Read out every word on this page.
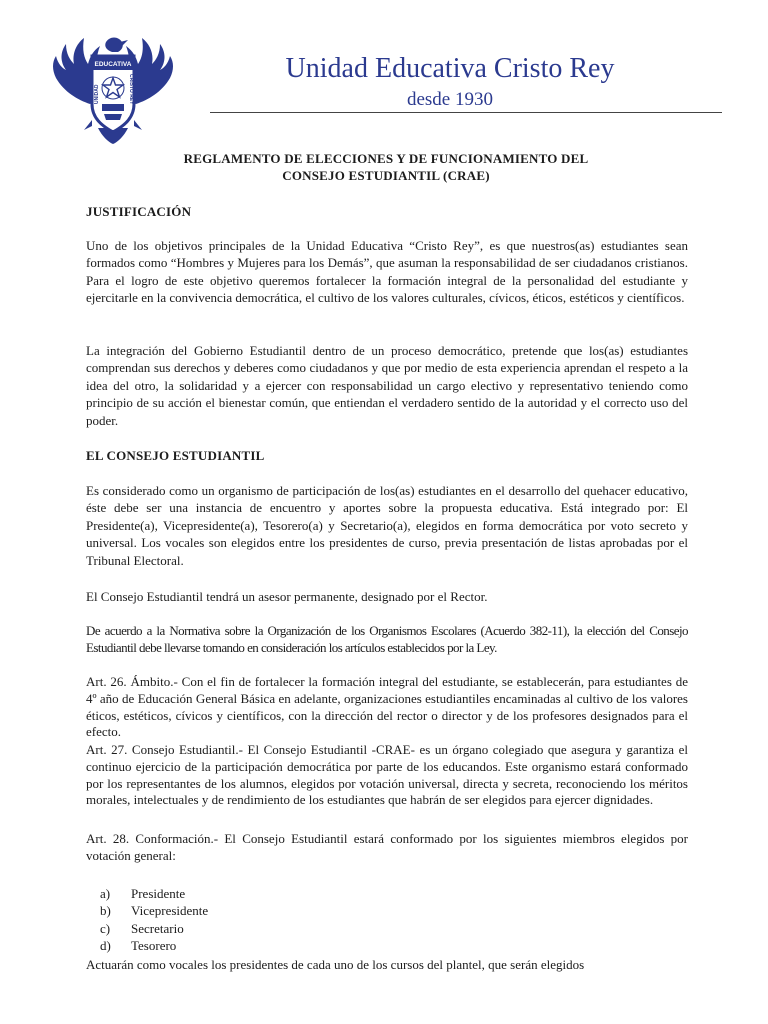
EDUCATIVA
UNIDAD	CRISTO REY
Unidad Educativa Cristo Rey
desde 1930
REGLAMENTO DE ELECCIONES Y DE FUNCIONAMIENTO DEL
CONSEJO ESTUDIANTIL (CRAE)
JUSTIFICACIÓN

Uno de los objetivos principales de la Unidad Educativa “Cristo Rey”, es que nuestros(as) estudiantes sean formados como “Hombres y Mujeres para los Demás”, que asuman la responsabilidad de ser ciudadanos cristianos. Para el logro de este objetivo queremos fortalecer la formación integral de la personalidad del estudiante y ejercitarle en la convivencia democrática, el cultivo de los valores culturales, cívicos, éticos, estéticos y científicos.

La integración del Gobierno Estudiantil dentro de un proceso democrático, pretende que los(as) estudiantes comprendan sus derechos y deberes como ciudadanos y que por medio de esta experiencia aprendan el respeto a la idea del otro, la solidaridad y a ejercer con responsabilidad un cargo electivo y representativo teniendo como principio de su acción el bienestar común, que entiendan el verdadero sentido de la autoridad y el correcto uso del poder.

EL CONSEJO ESTUDIANTIL

Es considerado como un organismo de participación de los(as) estudiantes en el desarrollo del quehacer educativo, éste debe ser una instancia de encuentro y aportes sobre la propuesta educativa. Está integrado por: El Presidente(a), Vicepresidente(a), Tesorero(a) y Secretario(a), elegidos en forma democrática por voto secreto y universal. Los vocales son elegidos entre los presidentes de curso, previa presentación de listas aprobadas por el Tribunal Electoral.

El Consejo Estudiantil tendrá un asesor permanente, designado por el Rector.

De acuerdo a la Normativa sobre la Organización de los Organismos Escolares (Acuerdo 382-11), la elección del Consejo Estudiantil debe llevarse tomando en consideración los artículos establecidos por la Ley.

Art. 26. Ámbito.- Con el fin de fortalecer la formación integral del estudiante, se establecerán, para estudiantes de 4º año de Educación General Básica en adelante, organizaciones estudiantiles encaminadas al cultivo de los valores éticos, estéticos, cívicos y científicos, con la dirección del rector o director y de los profesores designados para el efecto.

Art. 27. Consejo Estudiantil.- El Consejo Estudiantil -CRAE- es un órgano colegiado que asegura y garantiza el continuo ejercicio de la participación democrática por parte de los educandos. Este organismo estará conformado por los representantes de los alumnos, elegidos por votación universal, directa y secreta, reconociendo los méritos morales, intelectuales y de rendimiento de los estudiantes que habrán de ser elegidos para ejercer dignidades.

Art. 28. Conformación.- El Consejo Estudiantil estará conformado por los siguientes miembros elegidos por votación general:

a)	Presidente
b)	Vicepresidente
c)	Secretario
d)	Tesorero

Actuarán como vocales los presidentes de cada uno de los cursos del plantel, que serán elegidos
